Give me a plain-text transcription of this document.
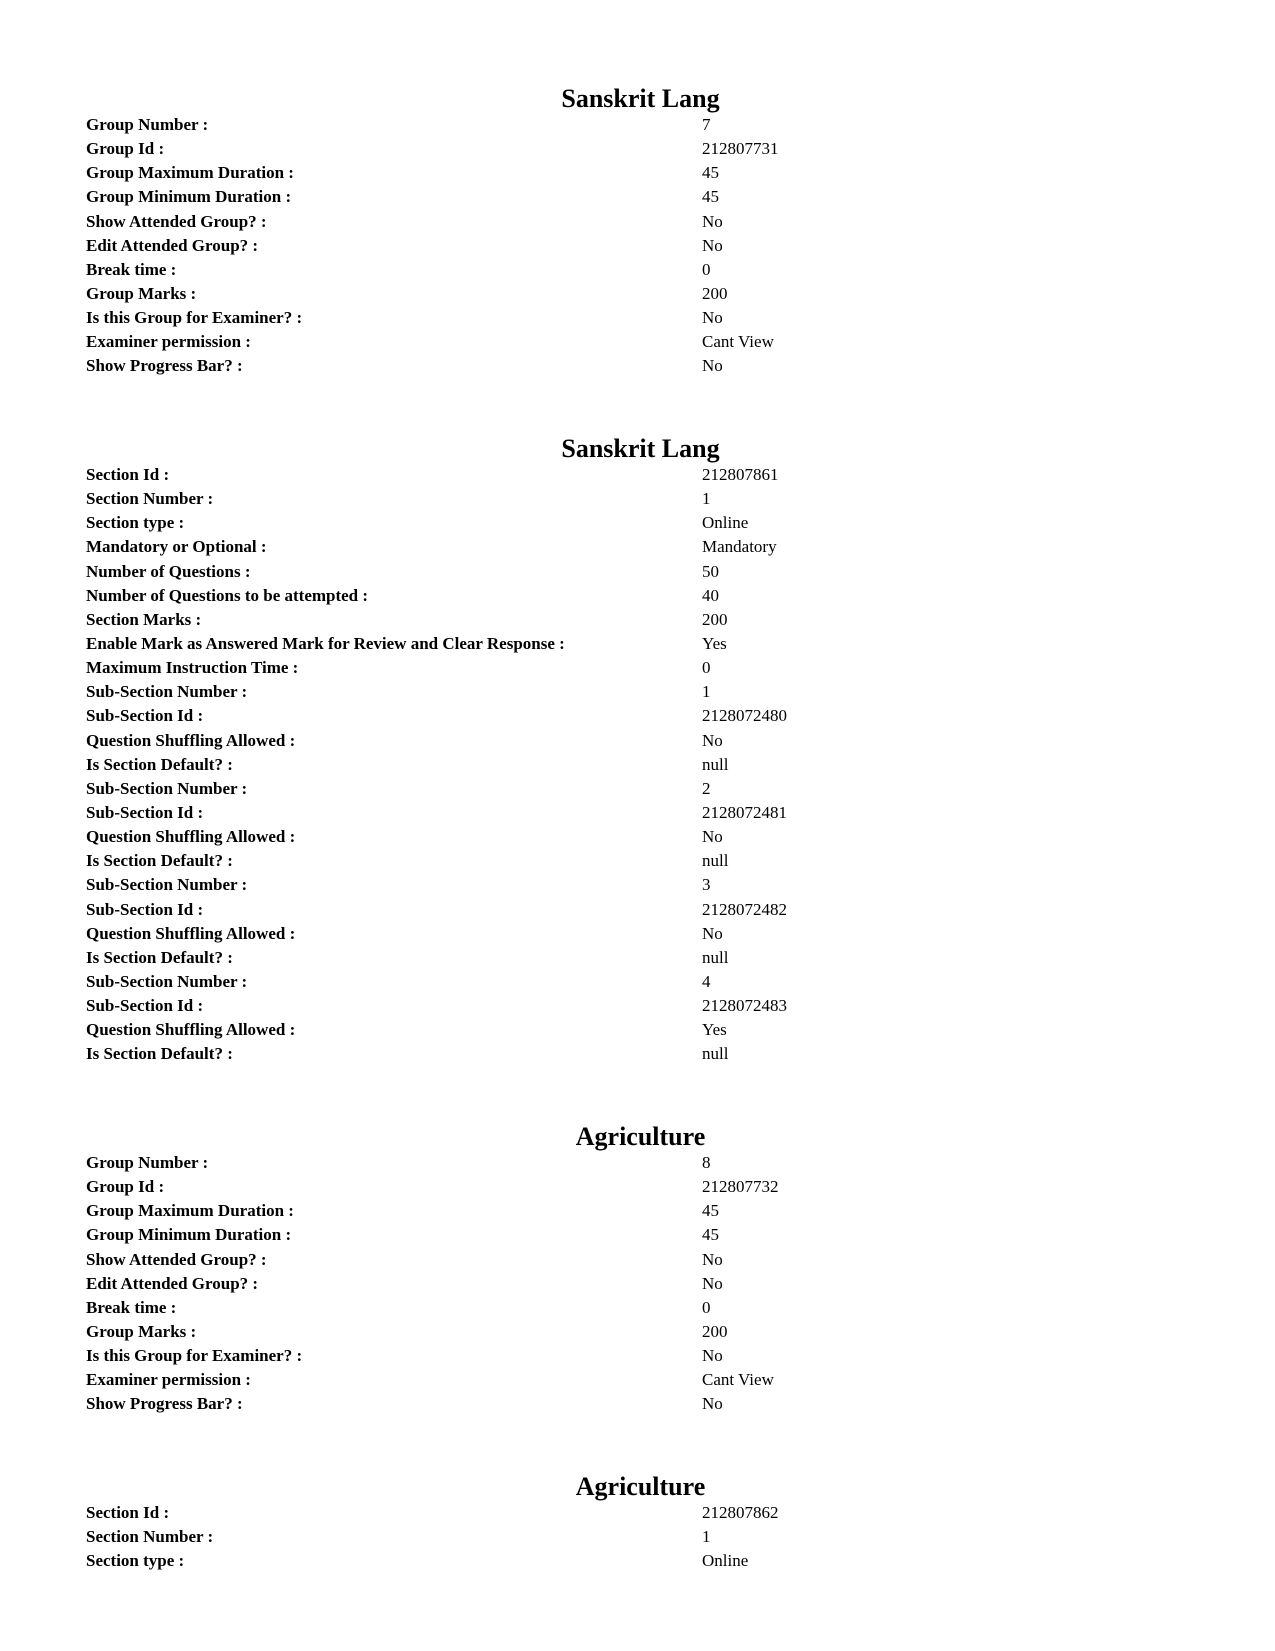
Sanskrit Lang
Group Number :	7
Group Id :	212807731
Group Maximum Duration :	45
Group Minimum Duration :	45
Show Attended Group? :	No
Edit Attended Group? :	No
Break time :	0
Group Marks :	200
Is this Group for Examiner? :	No
Examiner permission :	Cant View
Show Progress Bar? :	No
Sanskrit Lang
Section Id :	212807861
Section Number :	1
Section type :	Online
Mandatory or Optional :	Mandatory
Number of Questions :	50
Number of Questions to be attempted :	40
Section Marks :	200
Enable Mark as Answered Mark for Review and Clear Response :	Yes
Maximum Instruction Time :	0
Sub-Section Number :	1
Sub-Section Id :	2128072480
Question Shuffling Allowed :	No
Is Section Default? :	null
Sub-Section Number :	2
Sub-Section Id :	2128072481
Question Shuffling Allowed :	No
Is Section Default? :	null
Sub-Section Number :	3
Sub-Section Id :	2128072482
Question Shuffling Allowed :	No
Is Section Default? :	null
Sub-Section Number :	4
Sub-Section Id :	2128072483
Question Shuffling Allowed :	Yes
Is Section Default? :	null
Agriculture
Group Number :	8
Group Id :	212807732
Group Maximum Duration :	45
Group Minimum Duration :	45
Show Attended Group? :	No
Edit Attended Group? :	No
Break time :	0
Group Marks :	200
Is this Group for Examiner? :	No
Examiner permission :	Cant View
Show Progress Bar? :	No
Agriculture
Section Id :	212807862
Section Number :	1
Section type :	Online
